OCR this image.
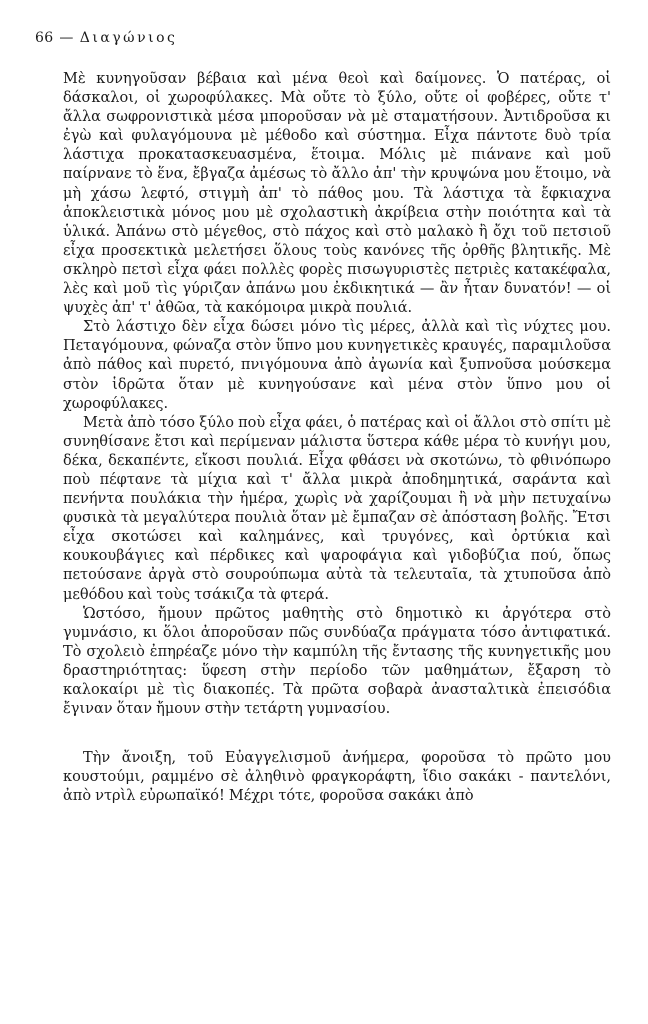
66 — Διαγώνιος

Μὲ κυνηγοῦσαν βέβαια καὶ μένα θεοὶ καὶ δαίμονες. Ὁ πατέρας, οἱ δάσκαλοι, οἱ χωροφύλακες. Μὰ οὔτε τὸ ξύλο, οὔτε οἱ φοβέρες, οὔτε τ' ἄλλα σωφρονιστικὰ μέσα μποροῦσαν νὰ μὲ σταματήσουν. Ἀντιδροῦσα κι ἐγὼ καὶ φυλαγόμουνα μὲ μέθοδο καὶ σύστημα. Εἶχα πάντοτε δυὸ τρία λάστιχα προκατασκευασμένα, ἕτοιμα. Μόλις μὲ πιάνανε καὶ μοῦ παίρνανε τὸ ἕνα, ἔβγαζα ἀμέσως τὸ ἄλλο ἀπ' τὴν κρυψώνα μου ἕτοιμο, νὰ μὴ χάσω λεφτό, στιγμὴ ἀπ' τὸ πάθος μου. Τὰ λάστιχα τὰ ἔφκιαχνα ἀποκλειστικὰ μόνος μου μὲ σχολαστικὴ ἀκρίβεια στὴν ποιότητα καὶ τὰ ὑλικά. Ἀπάνω στὸ μέγεθος, στὸ πάχος καὶ στὸ μαλακὸ ἢ ὄχι τοῦ πετσιοῦ εἶχα προσεκτικὰ μελετήσει ὅλους τοὺς κανόνες τῆς ὀρθῆς βλητικῆς. Μὲ σκληρὸ πετσὶ εἶχα φάει πολλὲς φορὲς πισωγυριστὲς πετριὲς κατακέφαλα, λὲς καὶ μοῦ τὶς γύριζαν ἀπάνω μου ἐκδικητικά — ἂν ἦταν δυνατόν! — οἱ ψυχὲς ἀπ' τ' ἀθῶα, τὰ κακόμοιρα μικρὰ πουλιά.

Στὸ λάστιχο δὲν εἶχα δώσει μόνο τὶς μέρες, ἀλλὰ καὶ τὶς νύχτες μου. Πεταγόμουνα, φώναζα στὸν ὕπνο μου κυνηγετικὲς κραυγές, παραμιλοῦσα ἀπὸ πάθος καὶ πυρετό, πνιγόμουνα ἀπὸ ἀγωνία καὶ ξυπνοῦσα μούσκεμα στὸν ἱδρῶτα ὅταν μὲ κυνηγούσανε καὶ μένα στὸν ὕπνο μου οἱ χωροφύλακες.

Μετὰ ἀπὸ τόσο ξύλο ποὺ εἶχα φάει, ὁ πατέρας καὶ οἱ ἄλλοι στὸ σπίτι μὲ συνηθίσανε ἔτσι καὶ περίμεναν μάλιστα ὕστερα κάθε μέρα τὸ κυνήγι μου, δέκα, δεκαπέντε, εἴκοσι πουλιά. Εἶχα φθάσει νὰ σκοτώνω, τὸ φθινόπωρο ποὺ πέφτανε τὰ μίχια καὶ τ' ἄλλα μικρὰ ἀποδημητικά, σαράντα καὶ πενήντα πουλάκια τὴν ἡμέρα, χωρὶς νὰ χαρίζουμαι ἢ νὰ μὴν πετυχαίνω φυσικὰ τὰ μεγαλύτερα πουλιὰ ὅταν μὲ ἔμπαζαν σὲ ἀπόσταση βολῆς. Ἔτσι εἶχα σκοτώσει καὶ καλημάνες, καὶ τρυγόνες, καὶ ὀρτύκια καὶ κουκουβάγιες καὶ πέρδικες καὶ ψαροφάγια καὶ γιδοβύζια πού, ὅπως πετούσανε ἀργὰ στὸ σουρούπωμα αὐτὰ τὰ τελευταῖα, τὰ χτυποῦσα ἀπὸ μεθόδου καὶ τοὺς τσάκιζα τὰ φτερά.

Ὡστόσο, ἤμουν πρῶτος μαθητὴς στὸ δημοτικὸ κι ἀργότερα στὸ γυμνάσιο, κι ὅλοι ἀποροῦσαν πῶς συνδύαζα πράγματα τόσο ἀντιφατικά. Τὸ σχολειὸ ἐπηρέαζε μόνο τὴν καμπύλη τῆς ἔντασης τῆς κυνηγετικῆς μου δραστηριότητας: ὕφεση στὴν περίοδο τῶν μαθημάτων, ἔξαρση τὸ καλοκαίρι μὲ τὶς διακοπές. Τὰ πρῶτα σοβαρὰ ἀνασταλτικὰ ἐπεισόδια ἔγιναν ὅταν ἤμουν στὴν τετάρτη γυμνασίου.

Τὴν ἄνοιξη, τοῦ Εὐαγγελισμοῦ ἀνήμερα, φοροῦσα τὸ πρῶτο μου κουστούμι, ραμμένο σὲ ἀληθινὸ φραγκοράφτη, ἴδιο σακάκι - παντελόνι, ἀπὸ ντρὶλ εὐρωπαϊκό! Μέχρι τότε, φοροῦσα σακάκι ἀπὸ
